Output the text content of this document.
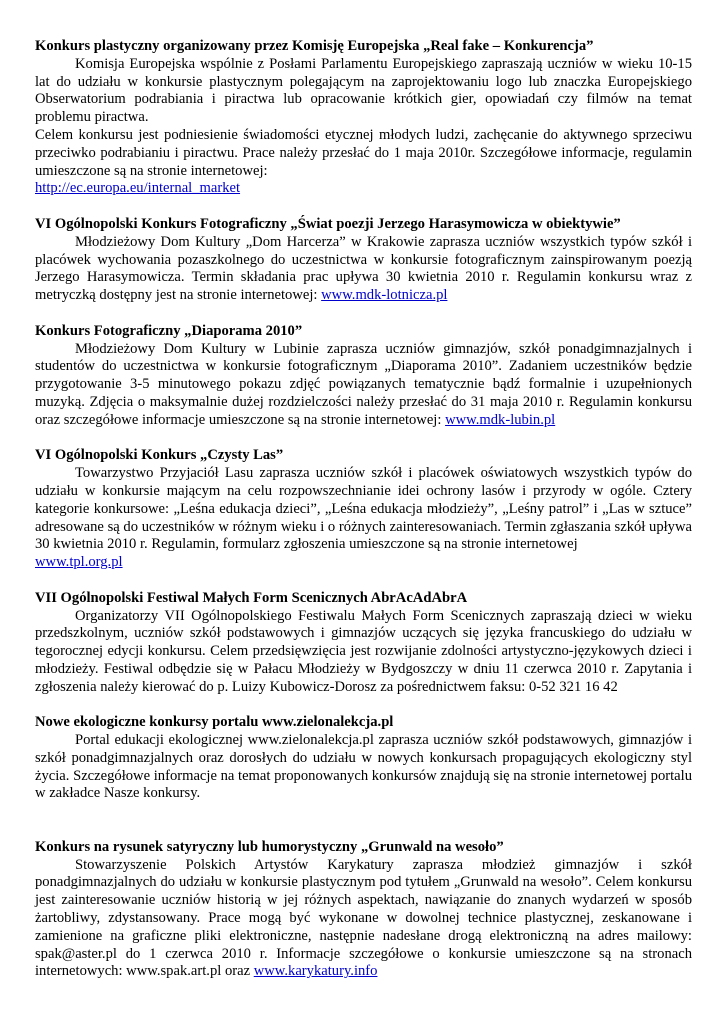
Konkurs plastyczny organizowany przez Komisję Europejska „Real fake – Konkurencja”

Komisja Europejska wspólnie z Posłami Parlamentu Europejskiego zapraszają uczniów w wieku 10-15 lat do udziału w konkursie plastycznym polegającym na zaprojektowaniu logo lub znaczka Europejskiego Obserwatorium podrabiania i piractwa lub opracowanie krótkich gier, opowiadań czy filmów na temat problemu piractwa.

Celem konkursu jest podniesienie świadomości etycznej młodych ludzi, zachęcanie do aktywnego sprzeciwu przeciwko podrabianiu i piractwu. Prace należy przesłać do 1 maja 2010r. Szczegółowe informacje, regulamin umieszczone są na stronie internetowej:

http://ec.europa.eu/internal_market

VI Ogólnopolski Konkurs Fotograficzny „Świat poezji Jerzego Harasymowicza w obiektywie”

Młodzieżowy Dom Kultury „Dom Harcerza” w Krakowie zaprasza uczniów wszystkich typów szkół i placówek wychowania pozaszkolnego do uczestnictwa w konkursie fotograficznym zainspirowanym poezją Jerzego Harasymowicza. Termin składania prac upływa 30 kwietnia 2010 r. Regulamin konkursu wraz z metryczką dostępny jest na stronie internetowej: www.mdk-lotnicza.pl

Konkurs Fotograficzny „Diaporama 2010”

Młodzieżowy Dom Kultury w Lubinie zaprasza uczniów gimnazjów, szkół ponadgimnazjalnych i studentów do uczestnictwa w konkursie fotograficznym „Diaporama 2010”. Zadaniem uczestników będzie przygotowanie 3-5 minutowego pokazu zdjęć powiązanych tematycznie bądź formalnie i uzupełnionych muzyką. Zdjęcia o maksymalnie dużej rozdzielczości należy przesłać do 31 maja 2010 r. Regulamin konkursu oraz szczegółowe informacje umieszczone są na stronie internetowej: www.mdk-lubin.pl

VI Ogólnopolski Konkurs „Czysty Las”

Towarzystwo Przyjaciół Lasu zaprasza uczniów szkół i placówek oświatowych wszystkich typów do udziału w konkursie mającym na celu rozpowszechnianie idei ochrony lasów i przyrody w ogóle. Cztery kategorie konkursowe: „Leśna edukacja dzieci”, „Leśna edukacja młodzieży”, „Leśny patrol” i „Las w sztuce” adresowane są do uczestników w różnym wieku i o różnych zainteresowaniach. Termin zgłaszania szkół upływa 30 kwietnia 2010 r. Regulamin, formularz zgłoszenia umieszczone są na stronie internetowej

www.tpl.org.pl

VII Ogólnopolski Festiwal Małych Form Scenicznych AbrAcAdAbrA

Organizatorzy VII Ogólnopolskiego Festiwalu Małych Form Scenicznych zapraszają dzieci w wieku przedszkolnym, uczniów szkół podstawowych i gimnazjów uczących się języka francuskiego do udziału w tegorocznej edycji konkursu. Celem przedsięwzięcia jest rozwijanie zdolności artystyczno-językowych dzieci i młodzieży. Festiwal odbędzie się w Pałacu Młodzieży w Bydgoszczy w dniu 11 czerwca 2010 r. Zapytania i zgłoszenia należy kierować do p. Luizy Kubowicz-Dorosz za pośrednictwem faksu: 0-52 321 16 42

Nowe ekologiczne konkursy portalu www.zielonalekcja.pl

Portal edukacji ekologicznej www.zielonalekcja.pl zaprasza uczniów szkół podstawowych, gimnazjów i szkół ponadgimnazjalnych oraz dorosłych do udziału w nowych konkursach propagujących ekologiczny styl życia. Szczegółowe informacje na temat proponowanych konkursów znajdują się na stronie internetowej portalu w zakładce Nasze konkursy.

Konkurs na rysunek satyryczny lub humorystyczny „Grunwald na wesoło”

Stowarzyszenie Polskich Artystów Karykatury zaprasza młodzież gimnazjów i szkół ponadgimnazjalnych do udziału w konkursie plastycznym pod tytułem „Grunwald na wesoło”. Celem konkursu jest zainteresowanie uczniów historią w jej różnych aspektach, nawiązanie do znanych wydarzeń w sposób żartobliwy, zdystansowany. Prace mogą być wykonane w dowolnej technice plastycznej, zeskanowane i zamienione na graficzne pliki elektroniczne, następnie nadesłane drogą elektroniczną na adres mailowy: spak@aster.pl do 1 czerwca 2010 r. Informacje szczegółowe o konkursie umieszczone są na stronach internetowych: www.spak.art.pl oraz www.karykatury.info
